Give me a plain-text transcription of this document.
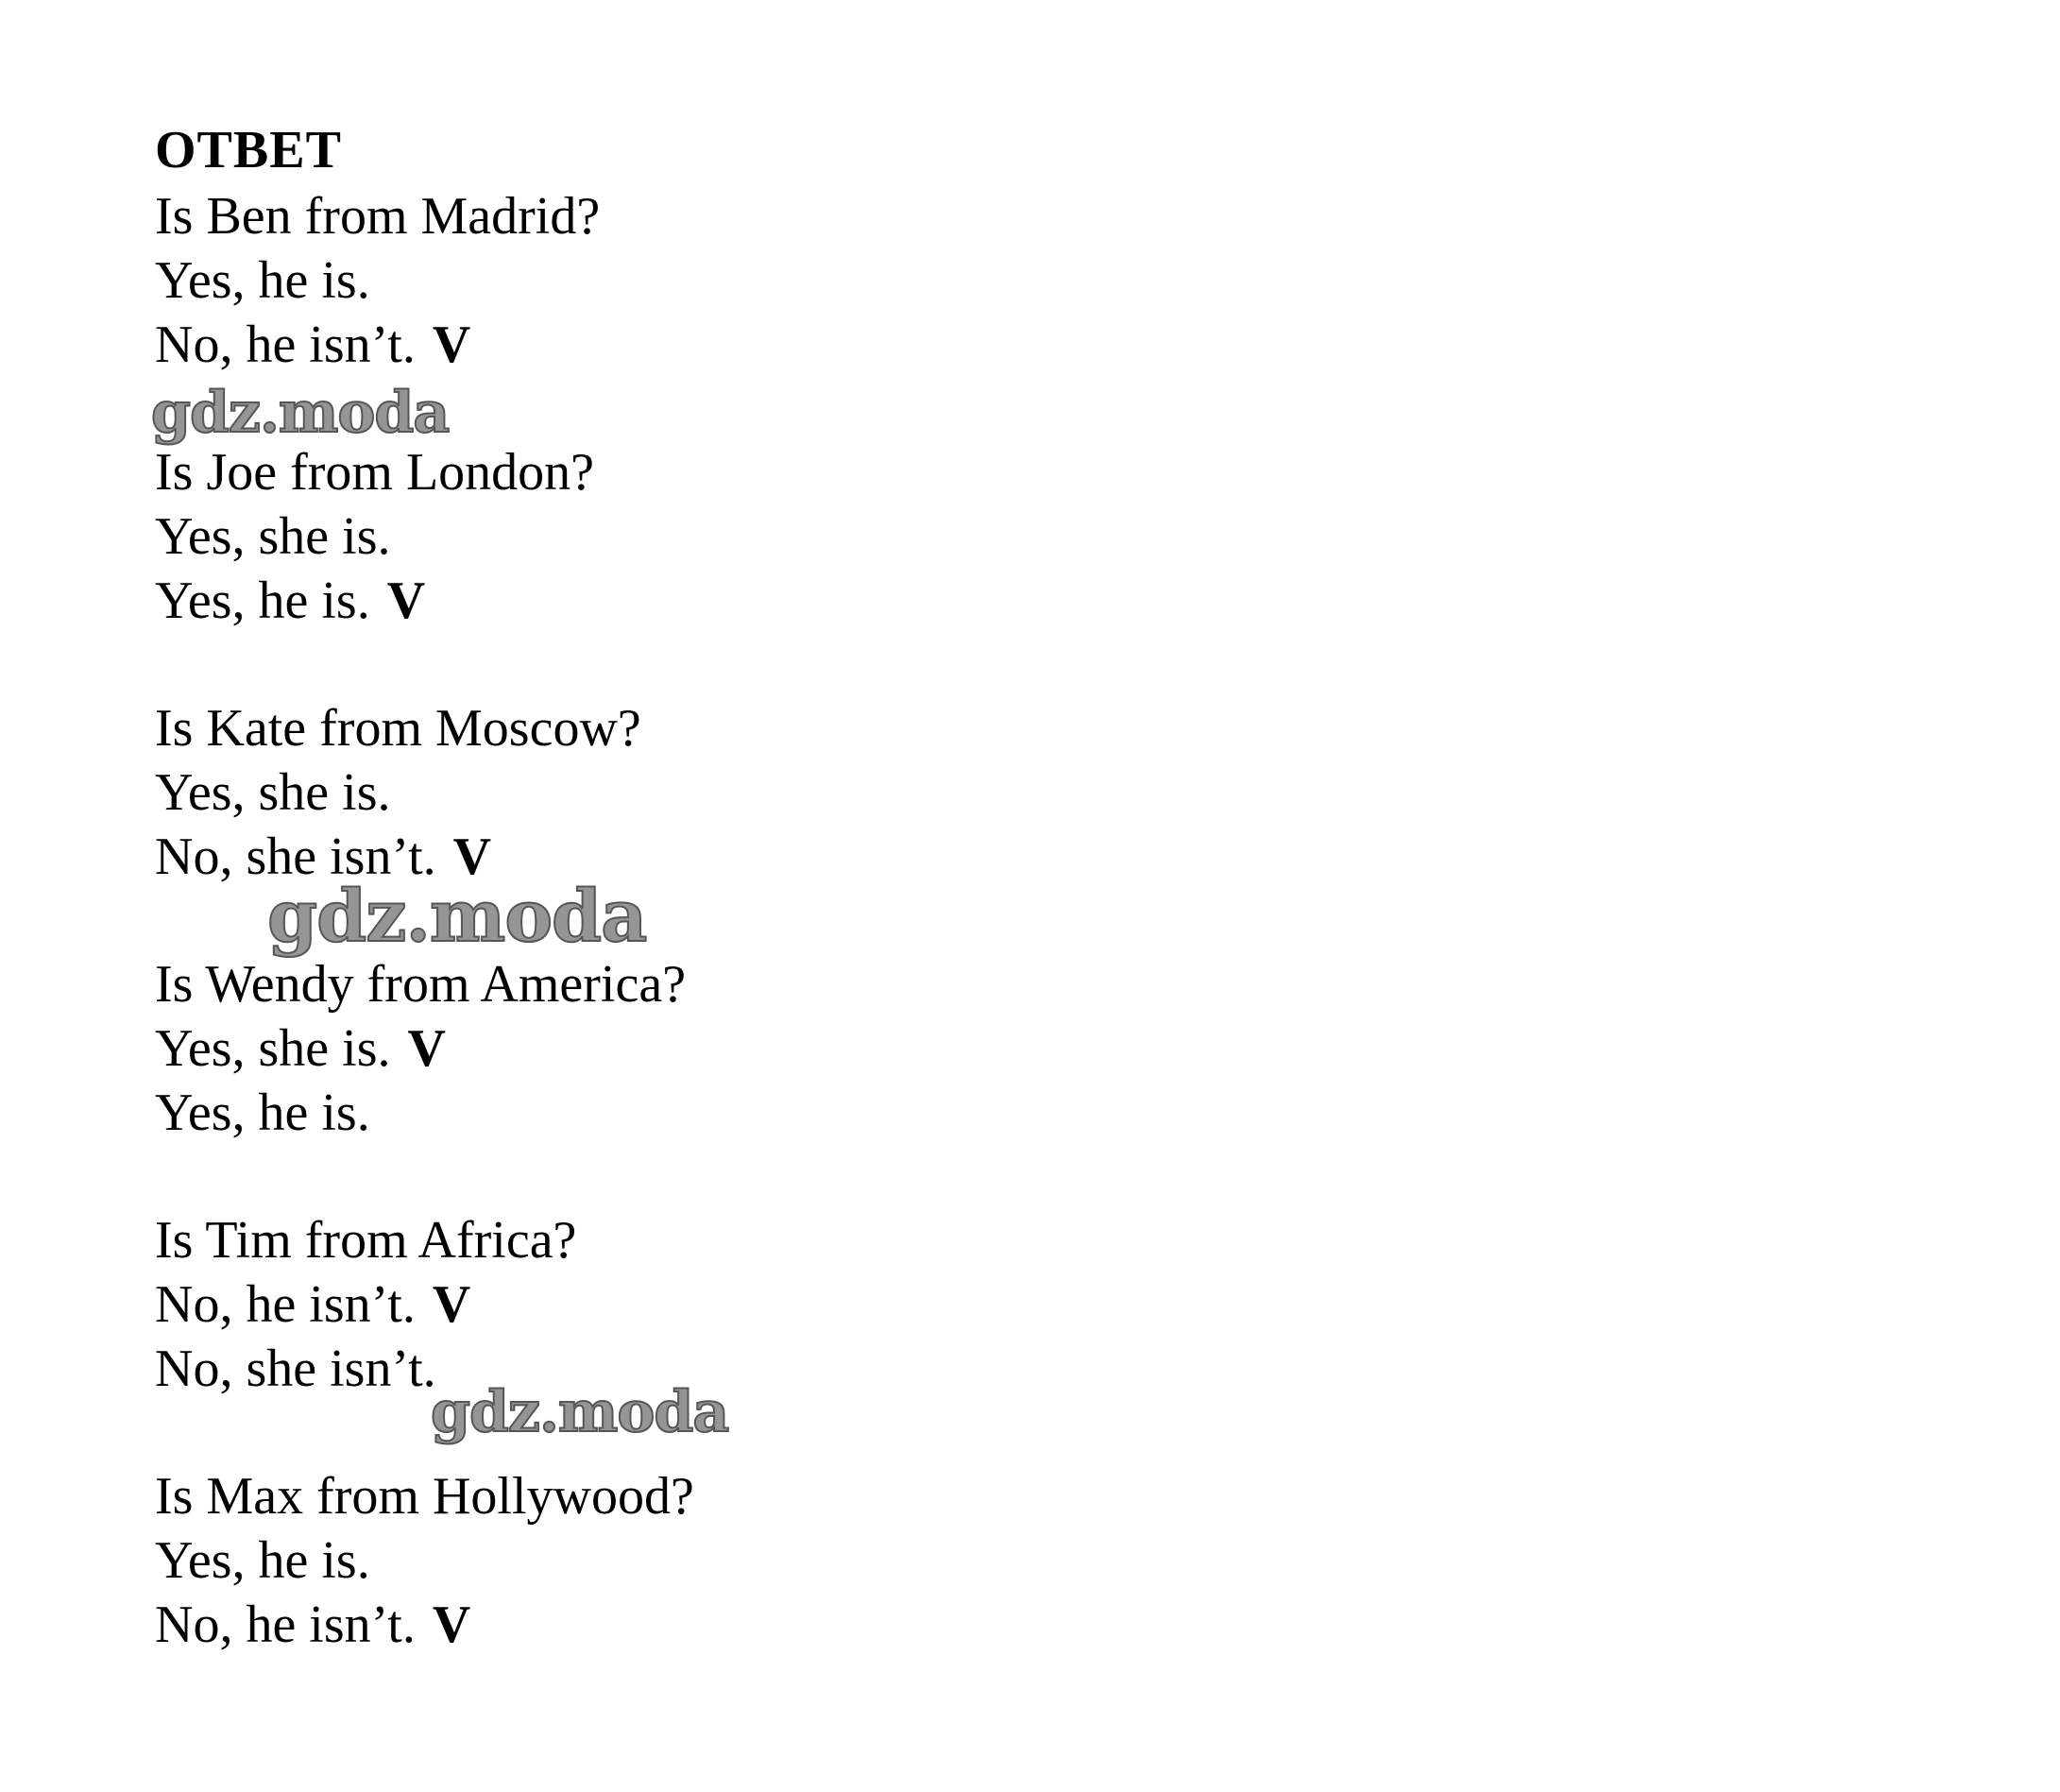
ОТВЕТ
Is Ben from Madrid?
Yes, he is.
No, he isn’t. V
gdz.moda
Is Joe from London?
Yes, she is.
Yes, he is. V
Is Kate from Moscow?
Yes, she is.
No, she isn’t. V
gdz.moda
Is Wendy from America?
Yes, she is. V
Yes, he is.
Is Tim from Africa?
No, he isn’t. V
No, she isn’t.
gdz.moda
Is Max from Hollywood?
Yes, he is.
No, he isn’t. V
